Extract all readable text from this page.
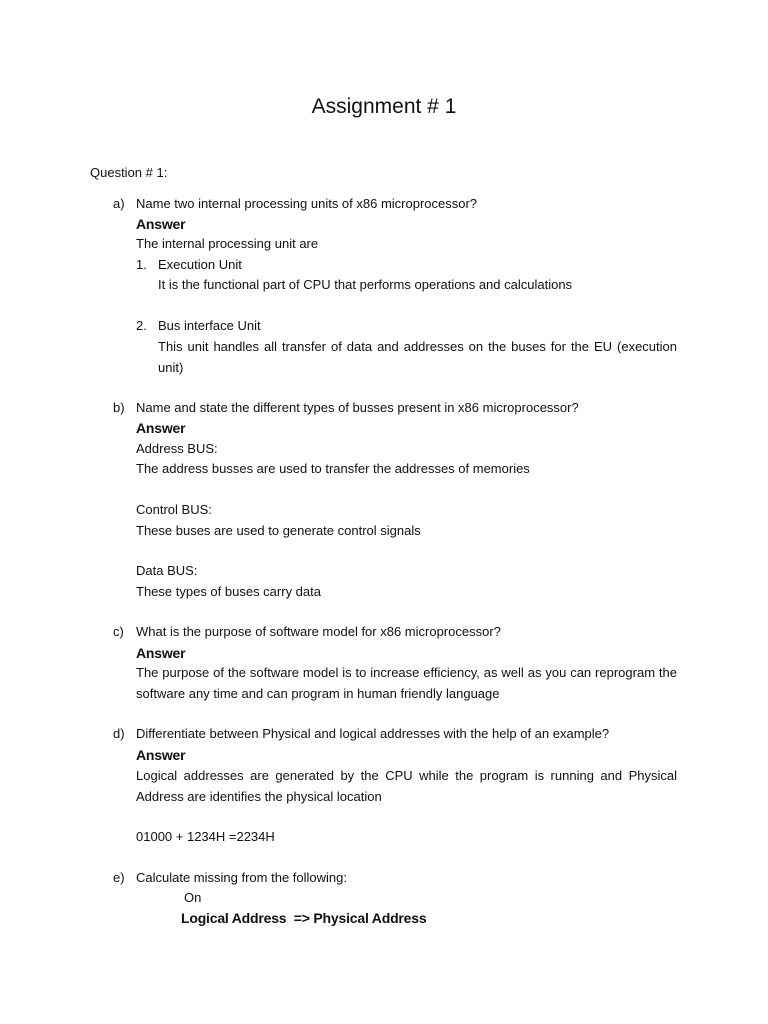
Assignment # 1
Question # 1:
a) Name two internal processing units of x86 microprocessor?
Answer
The internal processing unit are
1. Execution Unit
It is the functional part of CPU that performs operations and calculations
2. Bus interface Unit
This unit handles all transfer of data and addresses on the buses for the EU (execution unit)
b) Name and state the different types of busses present in x86 microprocessor?
Answer
Address BUS:
The address busses are used to transfer the addresses of memories
Control BUS:
These buses are used to generate control signals
Data BUS:
These types of buses carry data
c) What is the purpose of software model for x86 microprocessor?
Answer
The purpose of the software model is to increase efficiency, as well as you can reprogram the software any time and can program in human friendly language
d) Differentiate between Physical and logical addresses with the help of an example?
Answer
Logical addresses are generated by the CPU while the program is running and Physical Address are identifies the physical location
01000 + 1234H =2234H
e) Calculate missing from the following:
On
Logical Address  => Physical Address
